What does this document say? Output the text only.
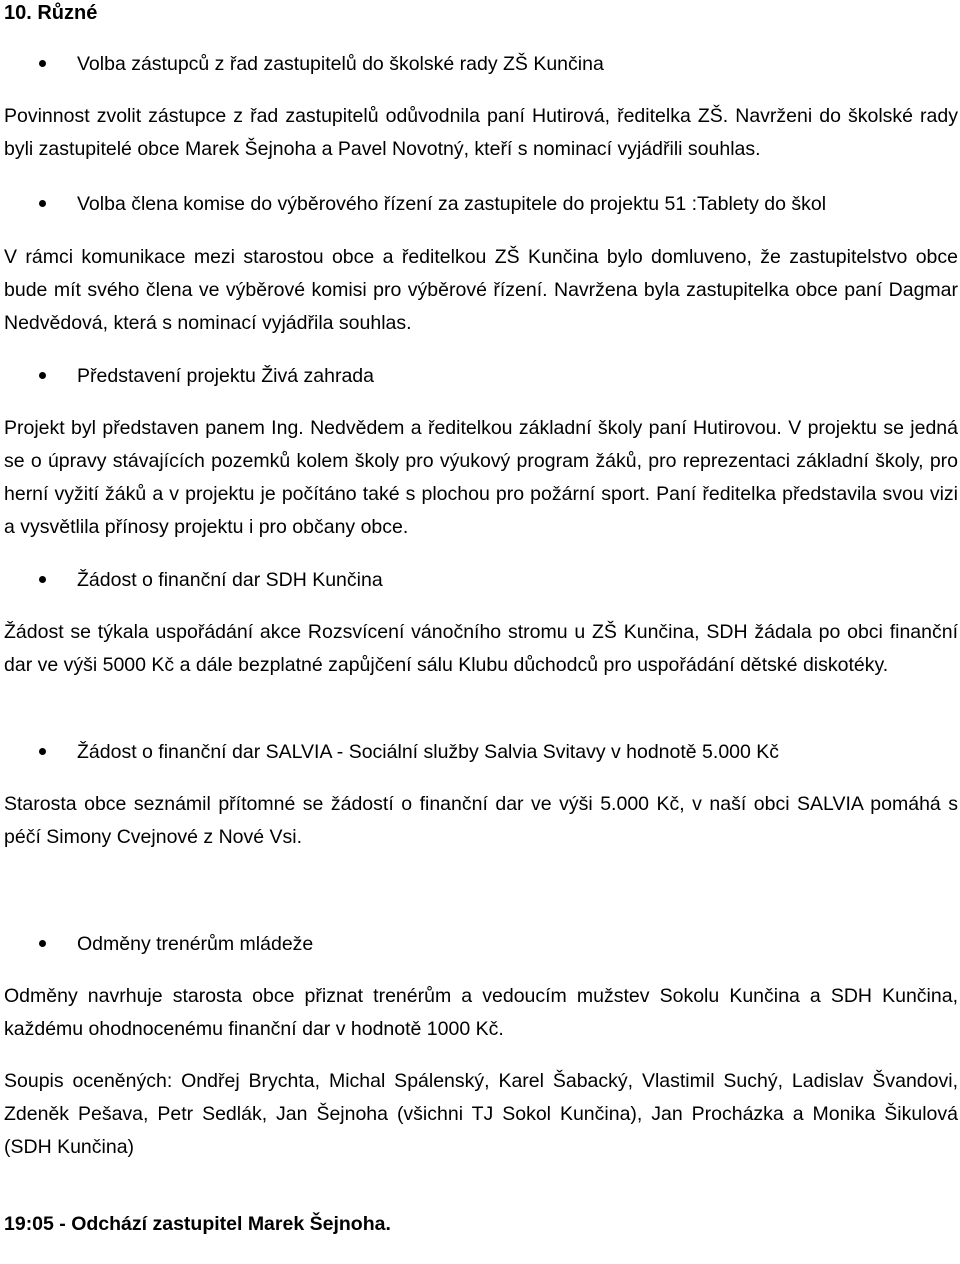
10. Různé

Volba zástupců z řad zastupitelů do školské rady ZŠ Kunčina

Povinnost zvolit zástupce z řad zastupitelů odůvodnila paní Hutirová, ředitelka ZŠ. Navrženi do školské rady byli zastupitelé obce Marek Šejnoha a Pavel Novotný, kteří s nominací vyjádřili souhlas.

Volba člena komise do výběrového řízení za zastupitele do projektu 51 :Tablety do škol

V rámci komunikace mezi starostou obce a ředitelkou ZŠ Kunčina bylo domluveno, že zastupitelstvo obce bude mít svého člena ve výběrové komisi pro výběrové řízení. Navržena byla zastupitelka obce paní Dagmar Nedvědová, která s nominací vyjádřila souhlas.

Představení projektu Živá zahrada

Projekt byl představen panem Ing. Nedvědem a ředitelkou základní školy paní Hutirovou. V projektu se jedná se o úpravy stávajících pozemků kolem školy pro výukový program žáků, pro reprezentaci základní školy, pro herní vyžití žáků a v projektu je počítáno také s plochou pro požární sport. Paní ředitelka představila svou vizi a vysvětlila přínosy projektu i pro občany obce.

Žádost o finanční dar SDH Kunčina

Žádost se týkala uspořádání akce Rozsvícení vánočního stromu u ZŠ Kunčina, SDH žádala po obci finanční dar ve výši 5000 Kč a dále bezplatné zapůjčení sálu Klubu důchodců pro uspořádání dětské diskotéky.

Žádost o finanční dar SALVIA - Sociální služby Salvia Svitavy v hodnotě 5.000 Kč

Starosta obce seznámil přítomné se žádostí o finanční dar ve výši 5.000 Kč, v naší obci SALVIA pomáhá s péčí Simony Cvejnové z Nové Vsi.

Odměny trenérům mládeže

Odměny navrhuje starosta obce přiznat trenérům a vedoucím mužstev Sokolu Kunčina a SDH Kunčina, každému ohodnocenému finanční dar v hodnotě 1000 Kč.

Soupis oceněných: Ondřej Brychta, Michal Spálenský, Karel Šabacký, Vlastimil Suchý, Ladislav Švandovi, Zdeněk Pešava, Petr Sedlák, Jan Šejnoha (všichni TJ Sokol Kunčina), Jan Procházka a Monika Šikulová (SDH Kunčina)

19:05 - Odchází zastupitel Marek Šejnoha.
